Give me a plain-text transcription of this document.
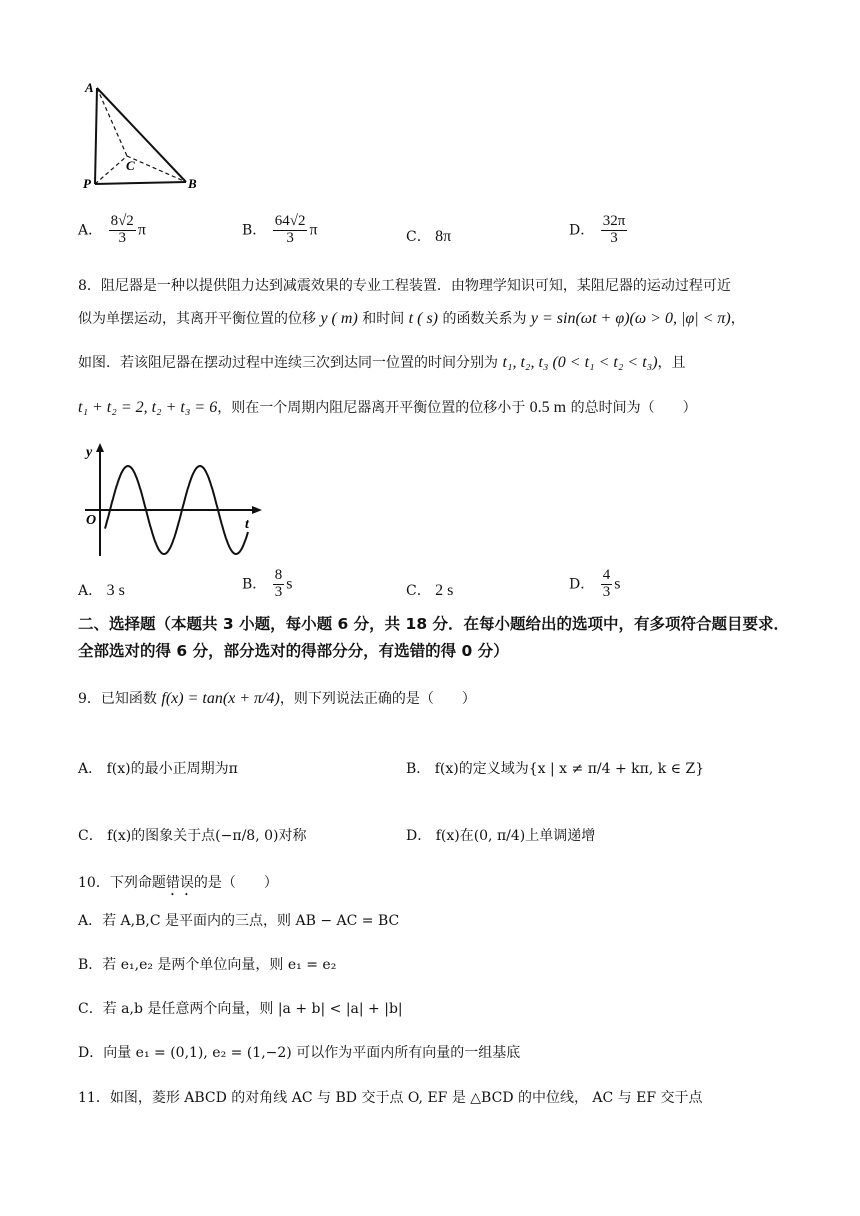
A
P
C
B
A． $\frac{8√2}{3}$ π	B． $\frac{64√2}{3}$ π	C． 8π	D． $\frac{32\pi}{3}$
8．阻尼器是一种以提供阻力达到减震效果的专业工程装置．由物理学知识可知，某阻尼器的运动过程可近
似为单摆运动，其离开平衡位置的位移 y ( m) 和时间 t ( s) 的函数关系为 y = sin(ωt + φ)(ω > 0, |φ| < π)，
如图．若该阻尼器在摆动过程中连续三次到达同一位置的时间分别为 t₁, t₂, t₃ (0 < t₁ < t₂ < t₃)，且
t₁ + t₂ = 2, t₂ + t₃ = 6，则在一个周期内阻尼器离开平衡位置的位移小于 0.5 m 的总时间为（　　）
y
O	t
A． 3 s	B． $\frac{8}{3}$ s	C． 2 s	D． $\frac{4}{3}$ s
二、选择题（本题共 3 小题，每小题 6 分，共 18 分．在每小题给出的选项中，有多项符合题目要求．全部选对的得 6 分，部分选对的得部分分，有选错的得 0 分）
9．已知函数 f(x) = tan(x + π/4)，则下列说法正确的是（　　）
A． f(x)的最小正周期为π	B． f(x)的定义域为{x | x ≠ π/4 + kπ, k ∈ Z}
C． f(x)的图象关于点(−π/8, 0)对称	D． f(x)在(0, π/4)上单调递增
10．下列命题错误的是（　　）
A．若 A,B,C 是平面内的三点，则 AB − AC = BC
B．若 e₁,e₂ 是两个单位向量，则 e₁ = e₂
C．若 a,b 是任意两个向量，则 |a + b| < |a| + |b|
D．向量 e₁ = (0,1), e₂ = (1,−2) 可以作为平面内所有向量的一组基底
11．如图，菱形 ABCD 的对角线 AC 与 BD 交于点 O, EF 是 △BCD 的中位线， AC 与 EF 交于点
